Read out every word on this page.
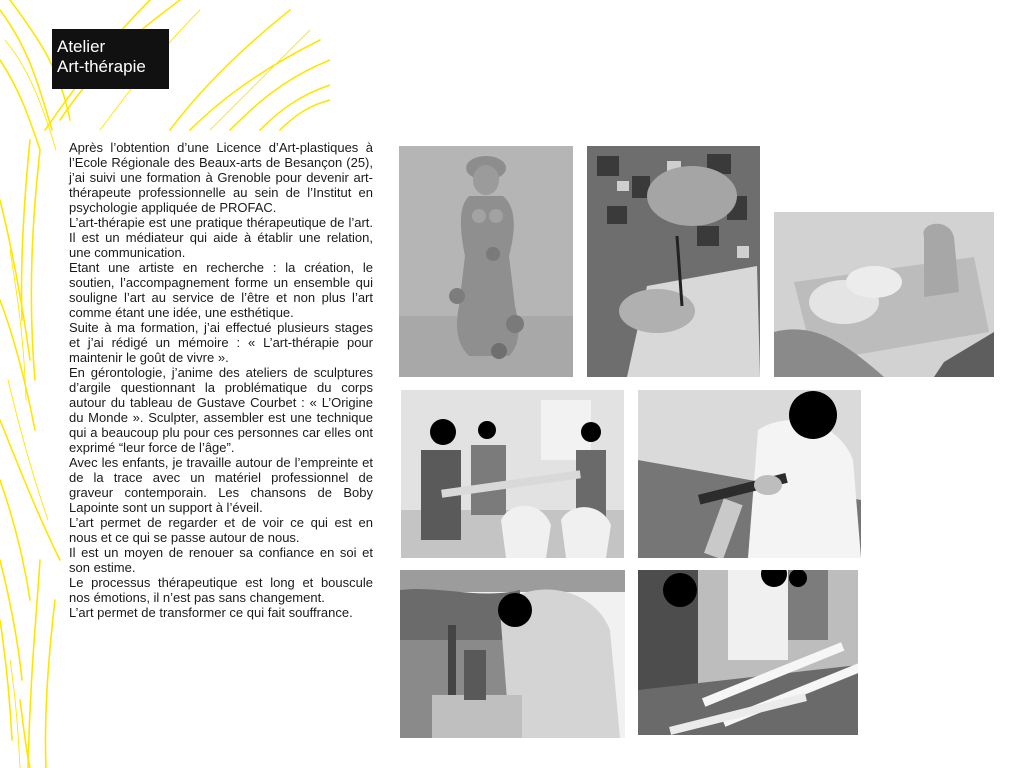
Atelier
Art-thérapie

Après l’obtention d’une Licence d’Art-plastiques à l’Ecole Régionale des Beaux-arts de Besançon (25), j’ai suivi une formation à Grenoble pour devenir art-thérapeute professionnelle au sein de l’Institut en psychologie appliquée de PROFAC.

L’art-thérapie est une pratique thérapeutique de l’art. Il est un médiateur qui aide à établir une relation, une communication.

Etant une artiste en recherche : la création, le soutien, l’accompagnement forme un ensemble qui souligne l’art au service de l’être et non plus l’art comme étant une idée, une esthétique.

Suite à ma formation, j’ai effectué plusieurs stages et j’ai rédigé un mémoire : « L’art-thérapie pour maintenir le goût de vivre ».

En gérontologie, j’anime des ateliers de sculptures d’argile questionnant la problématique du corps autour du tableau de Gustave Courbet : « L’Origine du Monde ». Sculpter, assembler est une technique qui a beaucoup plu pour ces personnes car elles ont exprimé “leur force de l’âge”.

Avec les enfants, je travaille autour de l’empreinte et de la trace avec un matériel professionnel de graveur contemporain. Les chansons de Boby Lapointe sont un support à l’éveil.

L’art permet de regarder et de voir ce qui est en nous et ce qui se passe autour de nous.

Il est un moyen de renouer sa confiance en soi et son estime.

Le processus thérapeutique est long et bouscule nos émotions, il n’est pas sans changement.

L’art permet de transformer ce qui fait souffrance.
